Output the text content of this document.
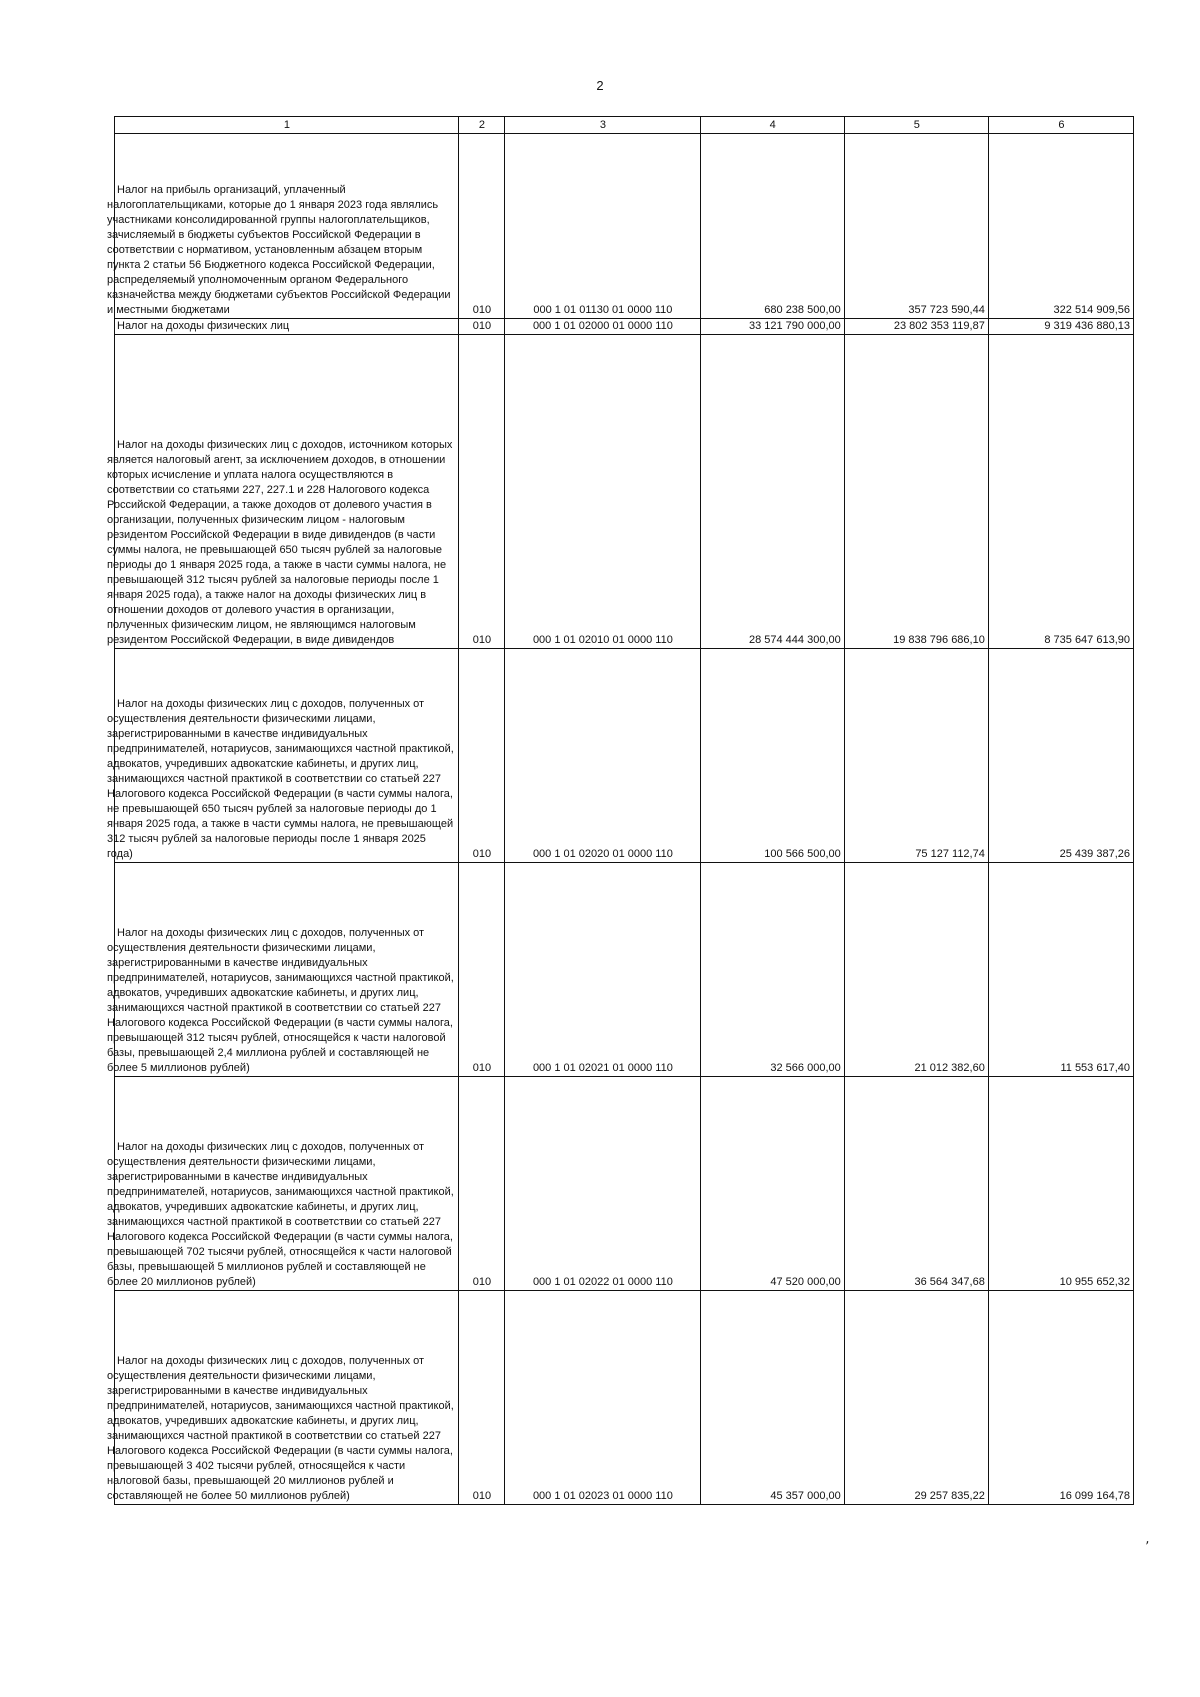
2
1	2	3	4	5	6

Налог на прибыль организаций, уплаченный налогоплательщиками, которые до 1 января 2023 года являлись участниками консолидированной группы налогоплательщиков, зачисляемый в бюджеты субъектов Российской Федерации в соответствии с нормативом, установленным абзацем вторым пункта 2 статьи 56 Бюджетного кодекса Российской Федерации, распределяемый уполномоченным органом Федерального казначейства между бюджетами субъектов Российской Федерации и местными бюджетами	010	000 1 01 01130 01 0000 110	680 238 500,00	357 723 590,44	322 514 909,56

Налог на доходы физических лиц	010	000 1 01 02000 01 0000 110	33 121 790 000,00	23 802 353 119,87	9 319 436 880,13

Налог на доходы физических лиц с доходов, источником которых является налоговый агент, за исключением доходов, в отношении которых исчисление и уплата налога осуществляются в соответствии со статьями 227, 227.1 и 228 Налогового кодекса Российской Федерации, а также доходов от долевого участия в организации, полученных физическим лицом - налоговым резидентом Российской Федерации в виде дивидендов (в части суммы налога, не превышающей 650 тысяч рублей за налоговые периоды до 1 января 2025 года, а также в части суммы налога, не превышающей 312 тысяч рублей за налоговые периоды после 1 января 2025 года), а также налог на доходы физических лиц в отношении доходов от долевого участия в организации, полученных физическим лицом, не являющимся налоговым резидентом Российской Федерации, в виде дивидендов	010	000 1 01 02010 01 0000 110	28 574 444 300,00	19 838 796 686,10	8 735 647 613,90

Налог на доходы физических лиц с доходов, полученных от осуществления деятельности физическими лицами, зарегистрированными в качестве индивидуальных предпринимателей, нотариусов, занимающихся частной практикой, адвокатов, учредивших адвокатские кабинеты, и других лиц, занимающихся частной практикой в соответствии со статьей 227 Налогового кодекса Российской Федерации (в части суммы налога, не превышающей 650 тысяч рублей за налоговые периоды до 1 января 2025 года, а также в части суммы налога, не превышающей 312 тысяч рублей за налоговые периоды после 1 января 2025 года)	010	000 1 01 02020 01 0000 110	100 566 500,00	75 127 112,74	25 439 387,26

Налог на доходы физических лиц с доходов, полученных от осуществления деятельности физическими лицами, зарегистрированными в качестве индивидуальных предпринимателей, нотариусов, занимающихся частной практикой, адвокатов, учредивших адвокатские кабинеты, и других лиц, занимающихся частной практикой в соответствии со статьей 227 Налогового кодекса Российской Федерации (в части суммы налога, превышающей 312 тысяч рублей, относящейся к части налоговой базы, превышающей 2,4 миллиона рублей и составляющей не более 5 миллионов рублей)	010	000 1 01 02021 01 0000 110	32 566 000,00	21 012 382,60	11 553 617,40

Налог на доходы физических лиц с доходов, полученных от осуществления деятельности физическими лицами, зарегистрированными в качестве индивидуальных предпринимателей, нотариусов, занимающихся частной практикой, адвокатов, учредивших адвокатские кабинеты, и других лиц, занимающихся частной практикой в соответствии со статьей 227 Налогового кодекса Российской Федерации (в части суммы налога, превышающей 702 тысячи рублей, относящейся к части налоговой базы, превышающей 5 миллионов рублей и составляющей не более 20 миллионов рублей)	010	000 1 01 02022 01 0000 110	47 520 000,00	36 564 347,68	10 955 652,32

Налог на доходы физических лиц с доходов, полученных от осуществления деятельности физическими лицами, зарегистрированными в качестве индивидуальных предпринимателей, нотариусов, занимающихся частной практикой, адвокатов, учредивших адвокатские кабинеты, и других лиц, занимающихся частной практикой в соответствии со статьей 227 Налогового кодекса Российской Федерации (в части суммы налога, превышающей 3 402 тысячи рублей, относящейся к части налоговой базы, превышающей 20 миллионов рублей и составляющей не более 50 миллионов рублей)	010	000 1 01 02023 01 0000 110	45 357 000,00	29 257 835,22	16 099 164,78
,
